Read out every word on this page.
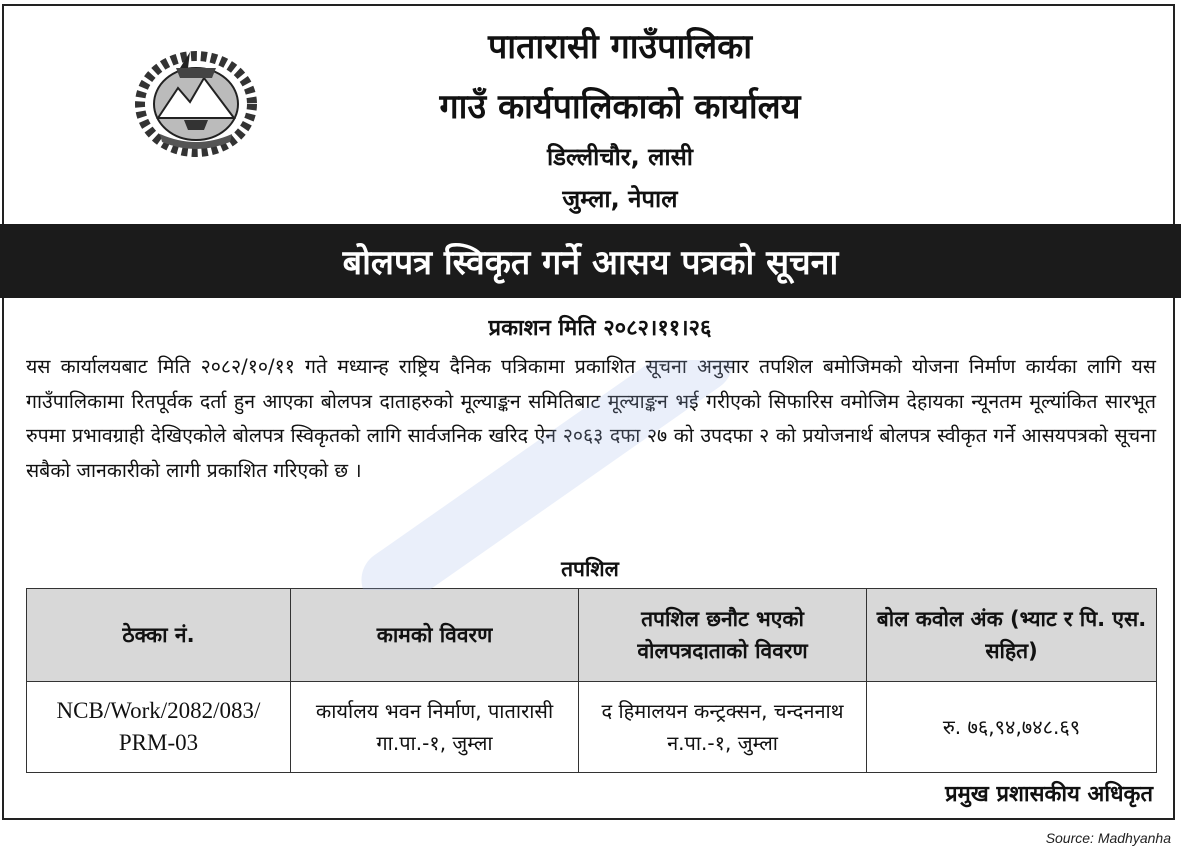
पातारासी गाउँपालिका
गाउँ कार्यपालिकाको कार्यालय
डिल्लीचौर, लासी
जुम्ला, नेपाल
बोलपत्र स्विकृत गर्ने आसय पत्रको सूचना
प्रकाशन मिति २०८२।११।२६

यस कार्यालयबाट मिति २०८२/१०/११ गते मध्यान्ह राष्ट्रिय दैनिक पत्रिकामा प्रकाशित सूचना अनुसार तपशिल बमोजिमको योजना निर्माण कार्यका लागि यस गाउँपालिकामा रितपूर्वक दर्ता हुन आएका बोलपत्र दाताहरुको मूल्याङ्कन समितिबाट मूल्याङ्कन भई गरीएको सिफारिस वमोजिम देहायका न्यूनतम मूल्यांकित सारभूत रुपमा प्रभावग्राही देखिएकोले बोलपत्र स्विकृतको लागि सार्वजनिक खरिद ऐन २०६३ दफा २७ को उपदफा २ को प्रयोजनार्थ बोलपत्र स्वीकृत गर्ने आसयपत्रको सूचना सबैको जानकारीको लागी प्रकाशित गरिएको छ ।

तपशिल
ठेक्का नं.	कामको विवरण	तपशिल छनौट भएको वोलपत्रदाताको विवरण	बोल कवोल अंक (भ्याट र पि. एस. सहित)
NCB/Work/2082/083/ PRM-03	कार्यालय भवन निर्माण, पातारासी गा.पा.-१, जुम्ला	द हिमालयन कन्ट्रक्सन, चन्दननाथ न.पा.-१, जुम्ला	रु. ७६,९४,७४८.६९
प्रमुख प्रशासकीय अधिकृत
Source: Madhyanha
